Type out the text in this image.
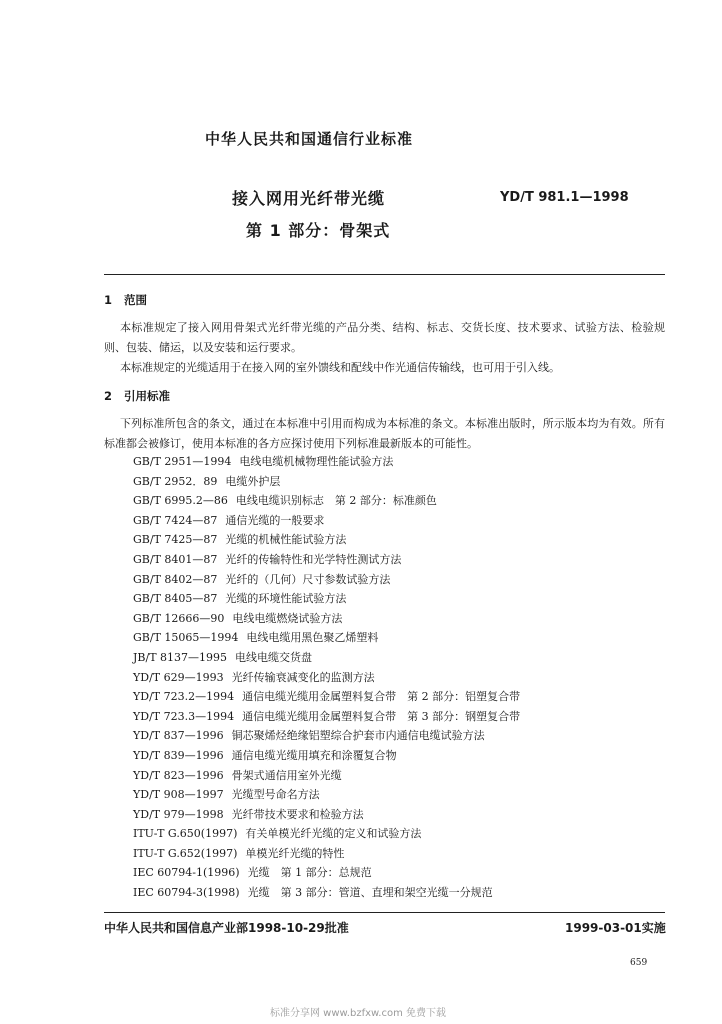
中华人民共和国通信行业标准
接入网用光纤带光缆
第 1 部分：骨架式
YD/T 981.1—1998
1 范围
本标准规定了接入网用骨架式光纤带光缆的产品分类、结构、标志、交货长度、技术要求、试验方法、检验规则、包装、储运，以及安装和运行要求。
本标准规定的光缆适用于在接入网的室外馈线和配线中作光通信传输线，也可用于引入线。
2 引用标准
下列标准所包含的条文，通过在本标准中引用而构成为本标准的条文。本标准出版时，所示版本均为有效。所有标准都会被修订，使用本标准的各方应探讨使用下列标准最新版本的可能性。
GB/T 2951—1994 电线电缆机械物理性能试验方法
GB/T 2952．89 电缆外护层
GB/T 6995.2—86 电线电缆识别标志　第 2 部分：标准颜色
GB/T 7424—87 通信光缆的一般要求
GB/T 7425—87 光缆的机械性能试验方法
GB/T 8401—87 光纤的传输特性和光学特性测试方法
GB/T 8402—87 光纤的（几何）尺寸参数试验方法
GB/T 8405—87 光缆的环境性能试验方法
GB/T 12666—90 电线电缆燃烧试验方法
GB/T 15065—1994 电线电缆用黑色聚乙烯塑料
JB/T 8137—1995 电线电缆交货盘
YD/T 629—1993 光纤传输衰减变化的监测方法
YD/T 723.2—1994 通信电缆光缆用金属塑料复合带　第 2 部分：铝塑复合带
YD/T 723.3—1994 通信电缆光缆用金属塑料复合带　第 3 部分：钢塑复合带
YD/T 837—1996 铜芯聚烯烃绝缘铝塑综合护套市内通信电缆试验方法
YD/T 839—1996 通信电缆光缆用填充和涂覆复合物
YD/T 823—1996 骨架式通信用室外光缆
YD/T 908—1997 光缆型号命名方法
YD/T 979—1998 光纤带技术要求和检验方法
ITU-T G.650(1997) 有关单模光纤光缆的定义和试验方法
ITU-T G.652(1997) 单模光纤光缆的特性
IEC 60794-1(1996) 光缆　第 1 部分：总规范
IEC 60794-3(1998) 光缆　第 3 部分：管道、直埋和架空光缆一分规范
中华人民共和国信息产业部1998-10-29批准	1999-03-01实施
659
标准分享网 www.bzfxw.com 免费下载
